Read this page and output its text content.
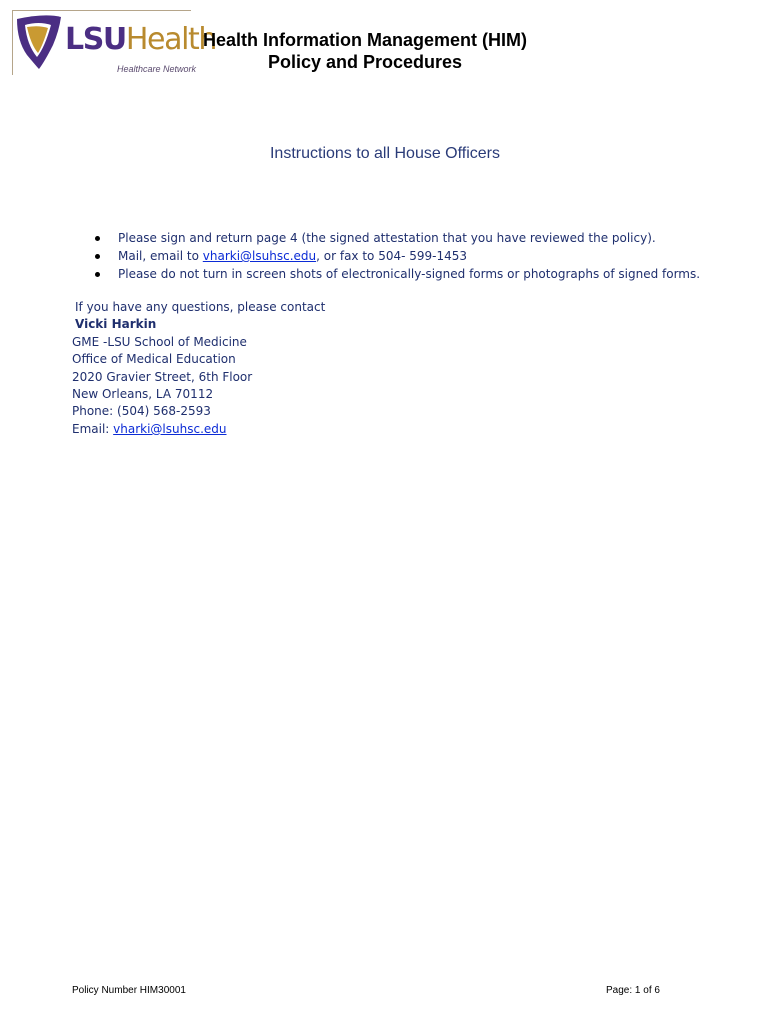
LSUHealth
Healthcare Network
Health Information Management (HIM)
Policy and Procedures
Instructions to all House Officers
Please sign and return page 4 (the signed attestation that you have reviewed the policy).
Mail, email to vharki@lsuhsc.edu, or fax to 504- 599-1453
Please do not turn in screen shots of electronically-signed forms or photographs of signed forms.
If you have any questions, please contact
Vicki Harkin
GME -LSU School of Medicine
Office of Medical Education
2020 Gravier Street, 6th Floor
New Orleans, LA 70112
Phone: (504) 568-2593
Email: vharki@lsuhsc.edu
Policy Number HIM30001	Page: 1 of 6
